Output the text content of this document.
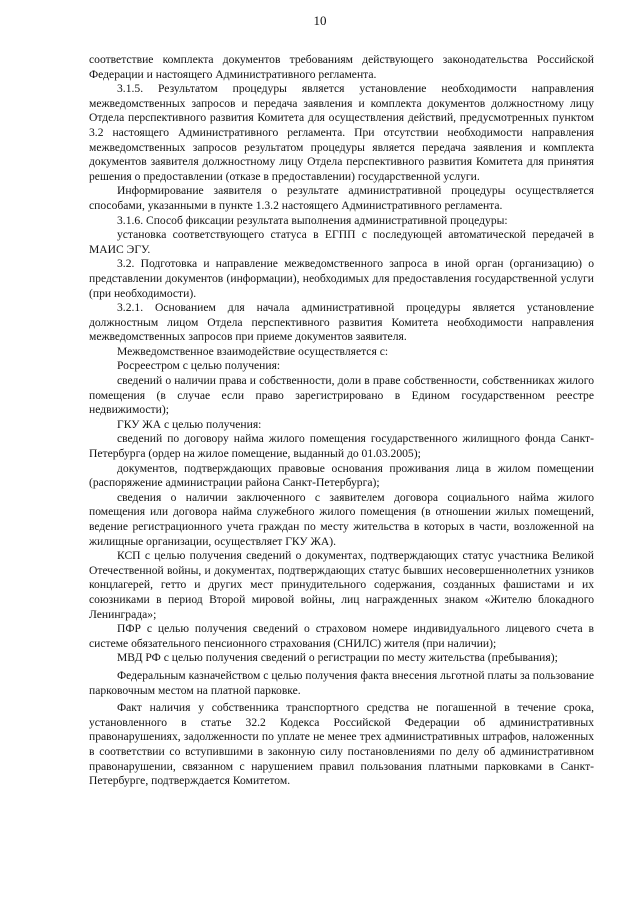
10

соответствие комплекта документов требованиям действующего законодательства Российской Федерации и настоящего Административного регламента.

3.1.5. Результатом процедуры является установление необходимости направления межведомственных запросов и передача заявления и комплекта документов должностному лицу Отдела перспективного развития Комитета для осуществления действий, предусмотренных пунктом 3.2 настоящего Административного регламента. При отсутствии необходимости направления межведомственных запросов результатом процедуры является передача заявления и комплекта документов заявителя должностному лицу Отдела перспективного развития Комитета для принятия решения о предоставлении (отказе в предоставлении) государственной услуги.

Информирование заявителя о результате административной процедуры осуществляется способами, указанными в пункте 1.3.2 настоящего Административного регламента.

3.1.6. Способ фиксации результата выполнения административной процедуры:

установка соответствующего статуса в ЕГПП с последующей автоматической передачей в МАИС ЭГУ.

3.2. Подготовка и направление межведомственного запроса в иной орган (организацию) о представлении документов (информации), необходимых для предоставления государственной услуги (при необходимости).

3.2.1. Основанием для начала административной процедуры является установление должностным лицом Отдела перспективного развития Комитета необходимости направления межведомственных запросов при приеме документов заявителя.

Межведомственное взаимодействие осуществляется с:

Росреестром с целью получения:

сведений о наличии права и собственности, доли в праве собственности, собственниках жилого помещения (в случае если право зарегистрировано в Едином государственном реестре недвижимости);

ГКУ ЖА с целью получения:

сведений по договору найма жилого помещения государственного жилищного фонда Санкт-Петербурга (ордер на жилое помещение, выданный до 01.03.2005);

документов, подтверждающих правовые основания проживания лица в жилом помещении (распоряжение администрации района Санкт-Петербурга);

сведения о наличии заключенного с заявителем договора социального найма жилого помещения или договора найма служебного жилого помещения (в отношении жилых помещений, ведение регистрационного учета граждан по месту жительства в которых в части, возложенной на жилищные организации, осуществляет ГКУ ЖА).

КСП с целью получения сведений о документах, подтверждающих статус участника Великой Отечественной войны, и документах, подтверждающих статус бывших несовершеннолетних узников концлагерей, гетто и других мест принудительного содержания, созданных фашистами и их союзниками в период Второй мировой войны, лиц награжденных знаком «Жителю блокадного Ленинграда»;

ПФР с целью получения сведений о страховом номере индивидуального лицевого счета в системе обязательного пенсионного страхования (СНИЛС) жителя (при наличии);

МВД РФ с целью получения сведений о регистрации по месту жительства (пребывания);

Федеральным казначейством с целью получения факта внесения льготной платы за пользование парковочным местом на платной парковке.

Факт наличия у собственника транспортного средства не погашенной в течение срока, установленного в статье 32.2 Кодекса Российской Федерации об административных правонарушениях, задолженности по уплате не менее трех административных штрафов, наложенных в соответствии со вступившими в законную силу постановлениями по делу об административном правонарушении, связанном с нарушением правил пользования платными парковками в Санкт-Петербурге, подтверждается Комитетом.
